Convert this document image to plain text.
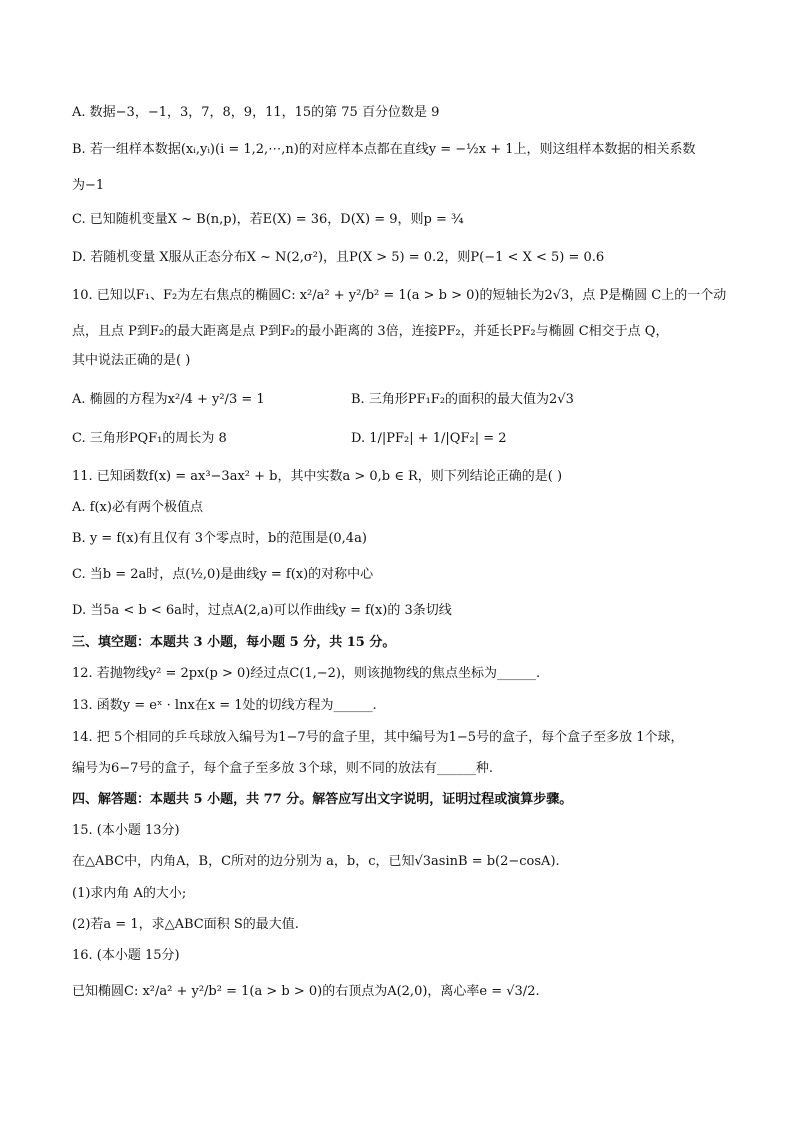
A. 数据−3，−1，3，7，8，9，11，15的第 75 百分位数是 9
B. 若一组样本数据(xᵢ,yᵢ)(i = 1,2,⋯,n)的对应样本点都在直线y = −½x + 1上，则这组样本数据的相关系数
为−1
C. 已知随机变量X ~ B(n,p)，若E(X) = 36，D(X) = 9，则p = ¾
D. 若随机变量 X服从正态分布X ~ N(2,σ²)，且P(X > 5) = 0.2，则P(−1 < X < 5) = 0.6
10. 已知以F₁、F₂为左右焦点的椭圆C: x²/a² + y²/b² = 1(a > b > 0)的短轴长为2√3，点 P是椭圆 C上的一个动
点，且点 P到F₂的最大距离是点 P到F₂的最小距离的 3倍，连接PF₂，并延长PF₂与椭圆 C相交于点 Q，
其中说法正确的是( )
A. 椭圆的方程为x²/4 + y²/3 = 1	B. 三角形PF₁F₂的面积的最大值为2√3
C. 三角形PQF₁的周长为 8	D. 1/|PF₂| + 1/|QF₂| = 2
11. 已知函数f(x) = ax³−3ax² + b，其中实数a > 0,b ∈ R，则下列结论正确的是( )
A. f(x)必有两个极值点
B. y = f(x)有且仅有 3个零点时，b的范围是(0,4a)
C. 当b = 2a时，点(½,0)是曲线y = f(x)的对称中心
D. 当5a < b < 6a时，过点A(2,a)可以作曲线y = f(x)的 3条切线
三、填空题：本题共 3 小题，每小题 5 分，共 15 分。
12. 若抛物线y² = 2px(p > 0)经过点C(1,−2)，则该抛物线的焦点坐标为______.
13. 函数y = eˣ · lnx在x = 1处的切线方程为______.
14. 把 5个相同的乒乓球放入编号为1−7号的盒子里，其中编号为1−5号的盒子，每个盒子至多放 1个球，
编号为6−7号的盒子，每个盒子至多放 3个球，则不同的放法有______种.
四、解答题：本题共 5 小题，共 77 分。解答应写出文字说明，证明过程或演算步骤。
15. (本小题 13分)
在△ABC中，内角A，B，C所对的边分别为 a，b，c，已知√3asinB = b(2−cosA).
(1)求内角 A的大小;
(2)若a = 1，求△ABC面积 S的最大值.
16. (本小题 15分)
已知椭圆C: x²/a² + y²/b² = 1(a > b > 0)的右顶点为A(2,0)，离心率e = √3/2.
